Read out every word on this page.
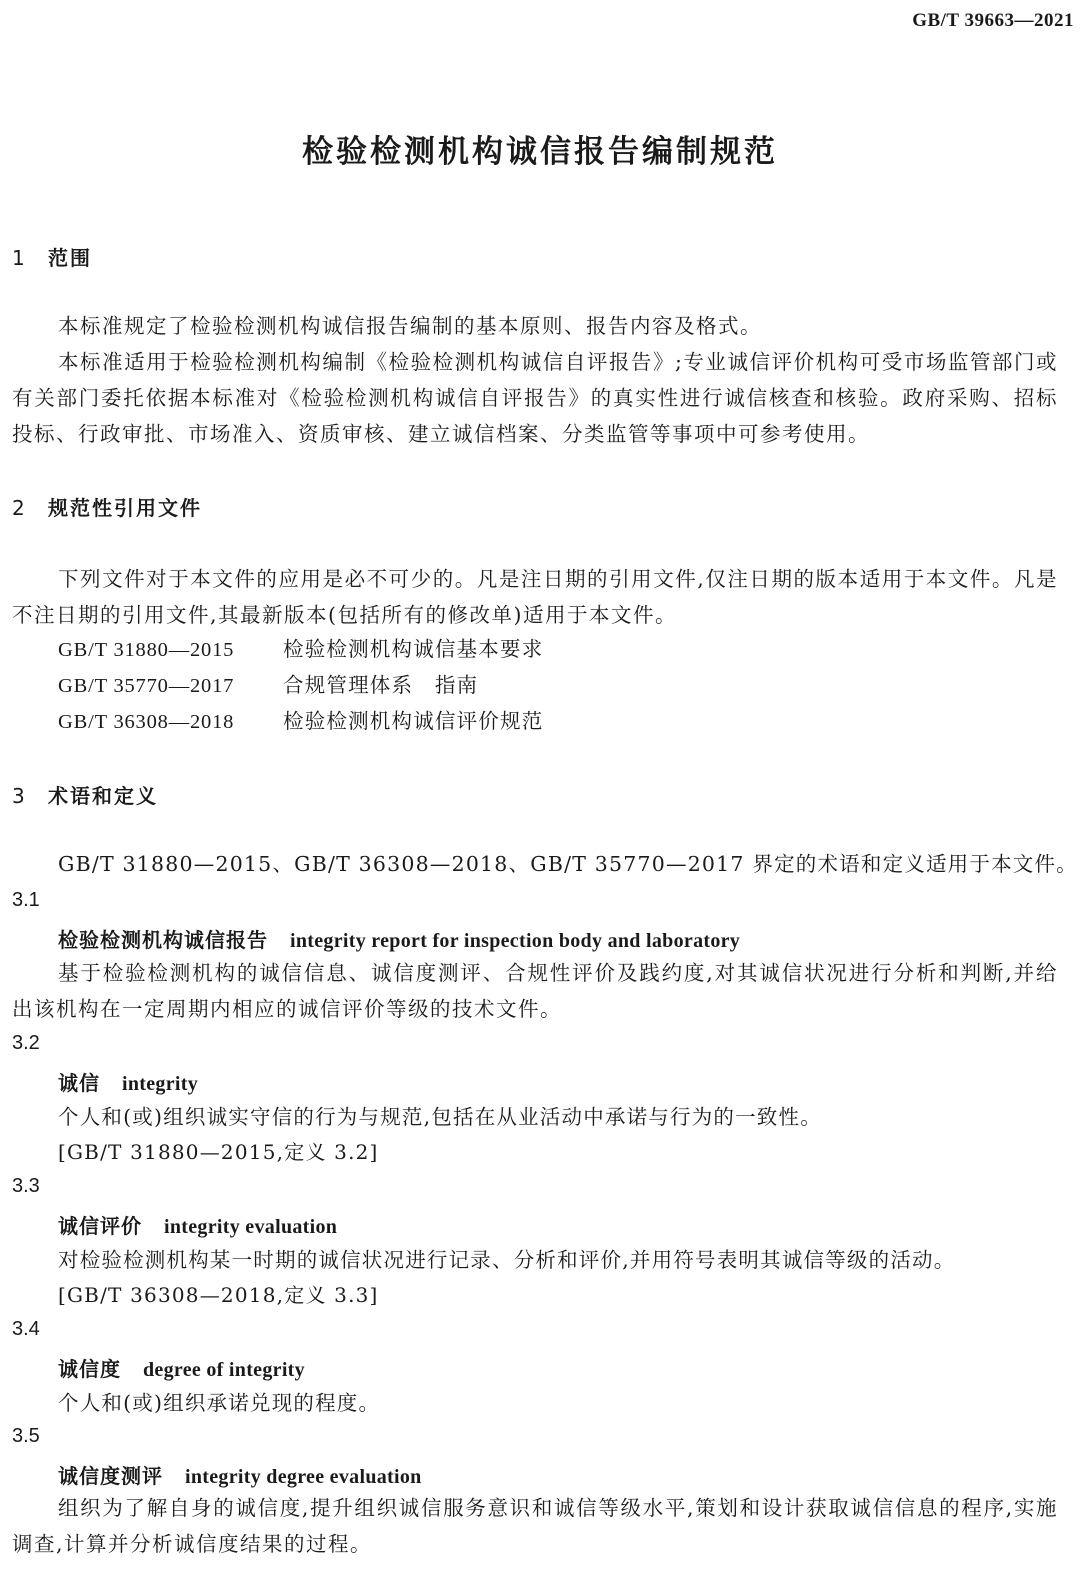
GB/T 39663—2021
检验检测机构诚信报告编制规范
1 范围
本标准规定了检验检测机构诚信报告编制的基本原则、报告内容及格式。
本标准适用于检验检测机构编制《检验检测机构诚信自评报告》;专业诚信评价机构可受市场监管部门或有关部门委托依据本标准对《检验检测机构诚信自评报告》的真实性进行诚信核查和核验。政府采购、招标投标、行政审批、市场准入、资质审核、建立诚信档案、分类监管等事项中可参考使用。
2 规范性引用文件
下列文件对于本文件的应用是必不可少的。凡是注日期的引用文件,仅注日期的版本适用于本文件。凡是不注日期的引用文件,其最新版本(包括所有的修改单)适用于本文件。
GB/T 31880—2015 检验检测机构诚信基本要求
GB/T 35770—2017 合规管理体系　指南
GB/T 36308—2018 检验检测机构诚信评价规范
3 术语和定义
GB/T 31880—2015、GB/T 36308—2018、GB/T 35770—2017 界定的术语和定义适用于本文件。
3.1
检验检测机构诚信报告 integrity report for inspection body and laboratory
基于检验检测机构的诚信信息、诚信度测评、合规性评价及践约度,对其诚信状况进行分析和判断,并给出该机构在一定周期内相应的诚信评价等级的技术文件。
3.2
诚信 integrity
个人和(或)组织诚实守信的行为与规范,包括在从业活动中承诺与行为的一致性。
[GB/T 31880—2015,定义 3.2]
3.3
诚信评价 integrity evaluation
对检验检测机构某一时期的诚信状况进行记录、分析和评价,并用符号表明其诚信等级的活动。
[GB/T 36308—2018,定义 3.3]
3.4
诚信度 degree of integrity
个人和(或)组织承诺兑现的程度。
3.5
诚信度测评 integrity degree evaluation
组织为了解自身的诚信度,提升组织诚信服务意识和诚信等级水平,策划和设计获取诚信信息的程序,实施调查,计算并分析诚信度结果的过程。
